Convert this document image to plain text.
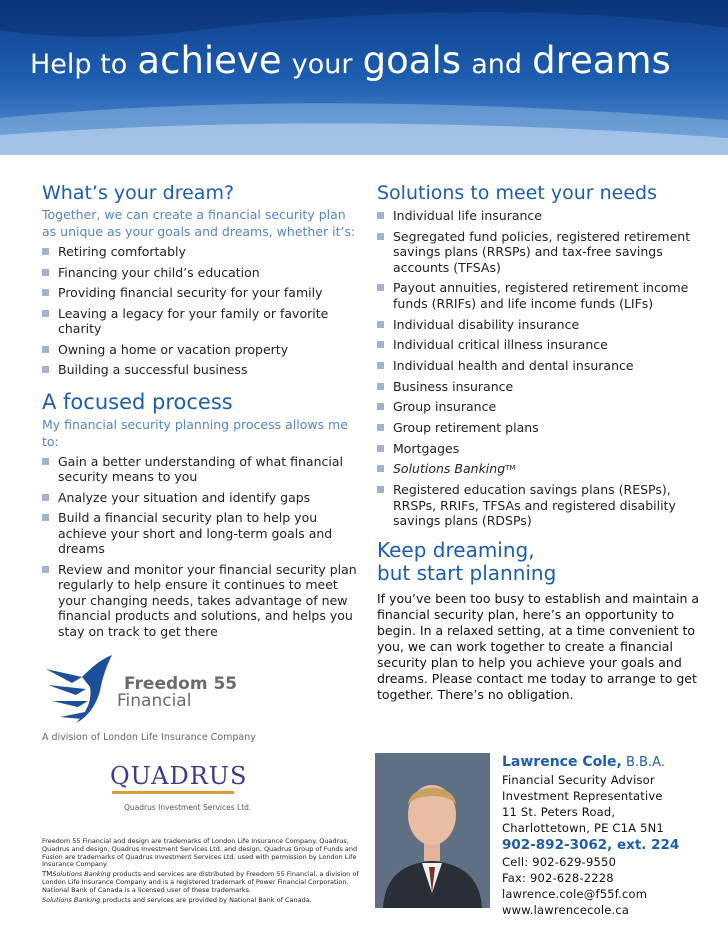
Help to achieve your goals and dreams
What’s your dream?
Together, we can create a financial security plan as unique as your goals and dreams, whether it’s:
Retiring comfortably
Financing your child’s education
Providing financial security for your family
Leaving a legacy for your family or favorite charity
Owning a home or vacation property
Building a successful business
A focused process
My financial security planning process allows me to:
Gain a better understanding of what financial security means to you
Analyze your situation and identify gaps
Build a financial security plan to help you achieve your short and long-term goals and dreams
Review and monitor your financial security plan regularly to help ensure it continues to meet your changing needs, takes advantage of new financial products and solutions, and helps you stay on track to get there
Solutions to meet your needs
Individual life insurance
Segregated fund policies, registered retirement savings plans (RRSPs) and tax-free savings accounts (TFSAs)
Payout annuities, registered retirement income funds (RRIFs) and life income funds (LIFs)
Individual disability insurance
Individual critical illness insurance
Individual health and dental insurance
Business insurance
Group insurance
Group retirement plans
Mortgages
Solutions Banking™
Registered education savings plans (RESPs), RRSPs, RRIFs, TFSAs and registered disability savings plans (RDSPs)
Keep dreaming,
but start planning

If you’ve been too busy to establish and maintain a financial security plan, here’s an opportunity to begin. In a relaxed setting, at a time convenient to you, we can work together to create a financial security plan to help you achieve your goals and dreams. Please contact me today to arrange to get together. There’s no obligation.

Freedom 55
Financial
A division of London Life Insurance Company
QUADRUS
Quadrus Investment Services Ltd.

Freedom 55 Financial and design are trademarks of London Life Insurance Company. Quadrus, Quadrus and design, Quadrus Investment Services Ltd. and design, Quadrus Group of Funds and Fusion are trademarks of Quadrus Investment Services Ltd. used with permission by London Life Insurance Company.

™Solutions Banking products and services are distributed by Freedom 55 Financial, a division of London Life Insurance Company and is a registered trademark of Power Financial Corporation. National Bank of Canada is a licensed user of these trademarks.

Solutions Banking products and services are provided by National Bank of Canada.

Lawrence Cole, B.B.A.
Financial Security Advisor
Investment Representative
11 St. Peters Road,
Charlottetown, PE C1A 5N1
902-892-3062, ext. 224
Cell: 902-629-9550
Fax: 902-628-2228
lawrence.cole@f55f.com
www.lawrencecole.ca
